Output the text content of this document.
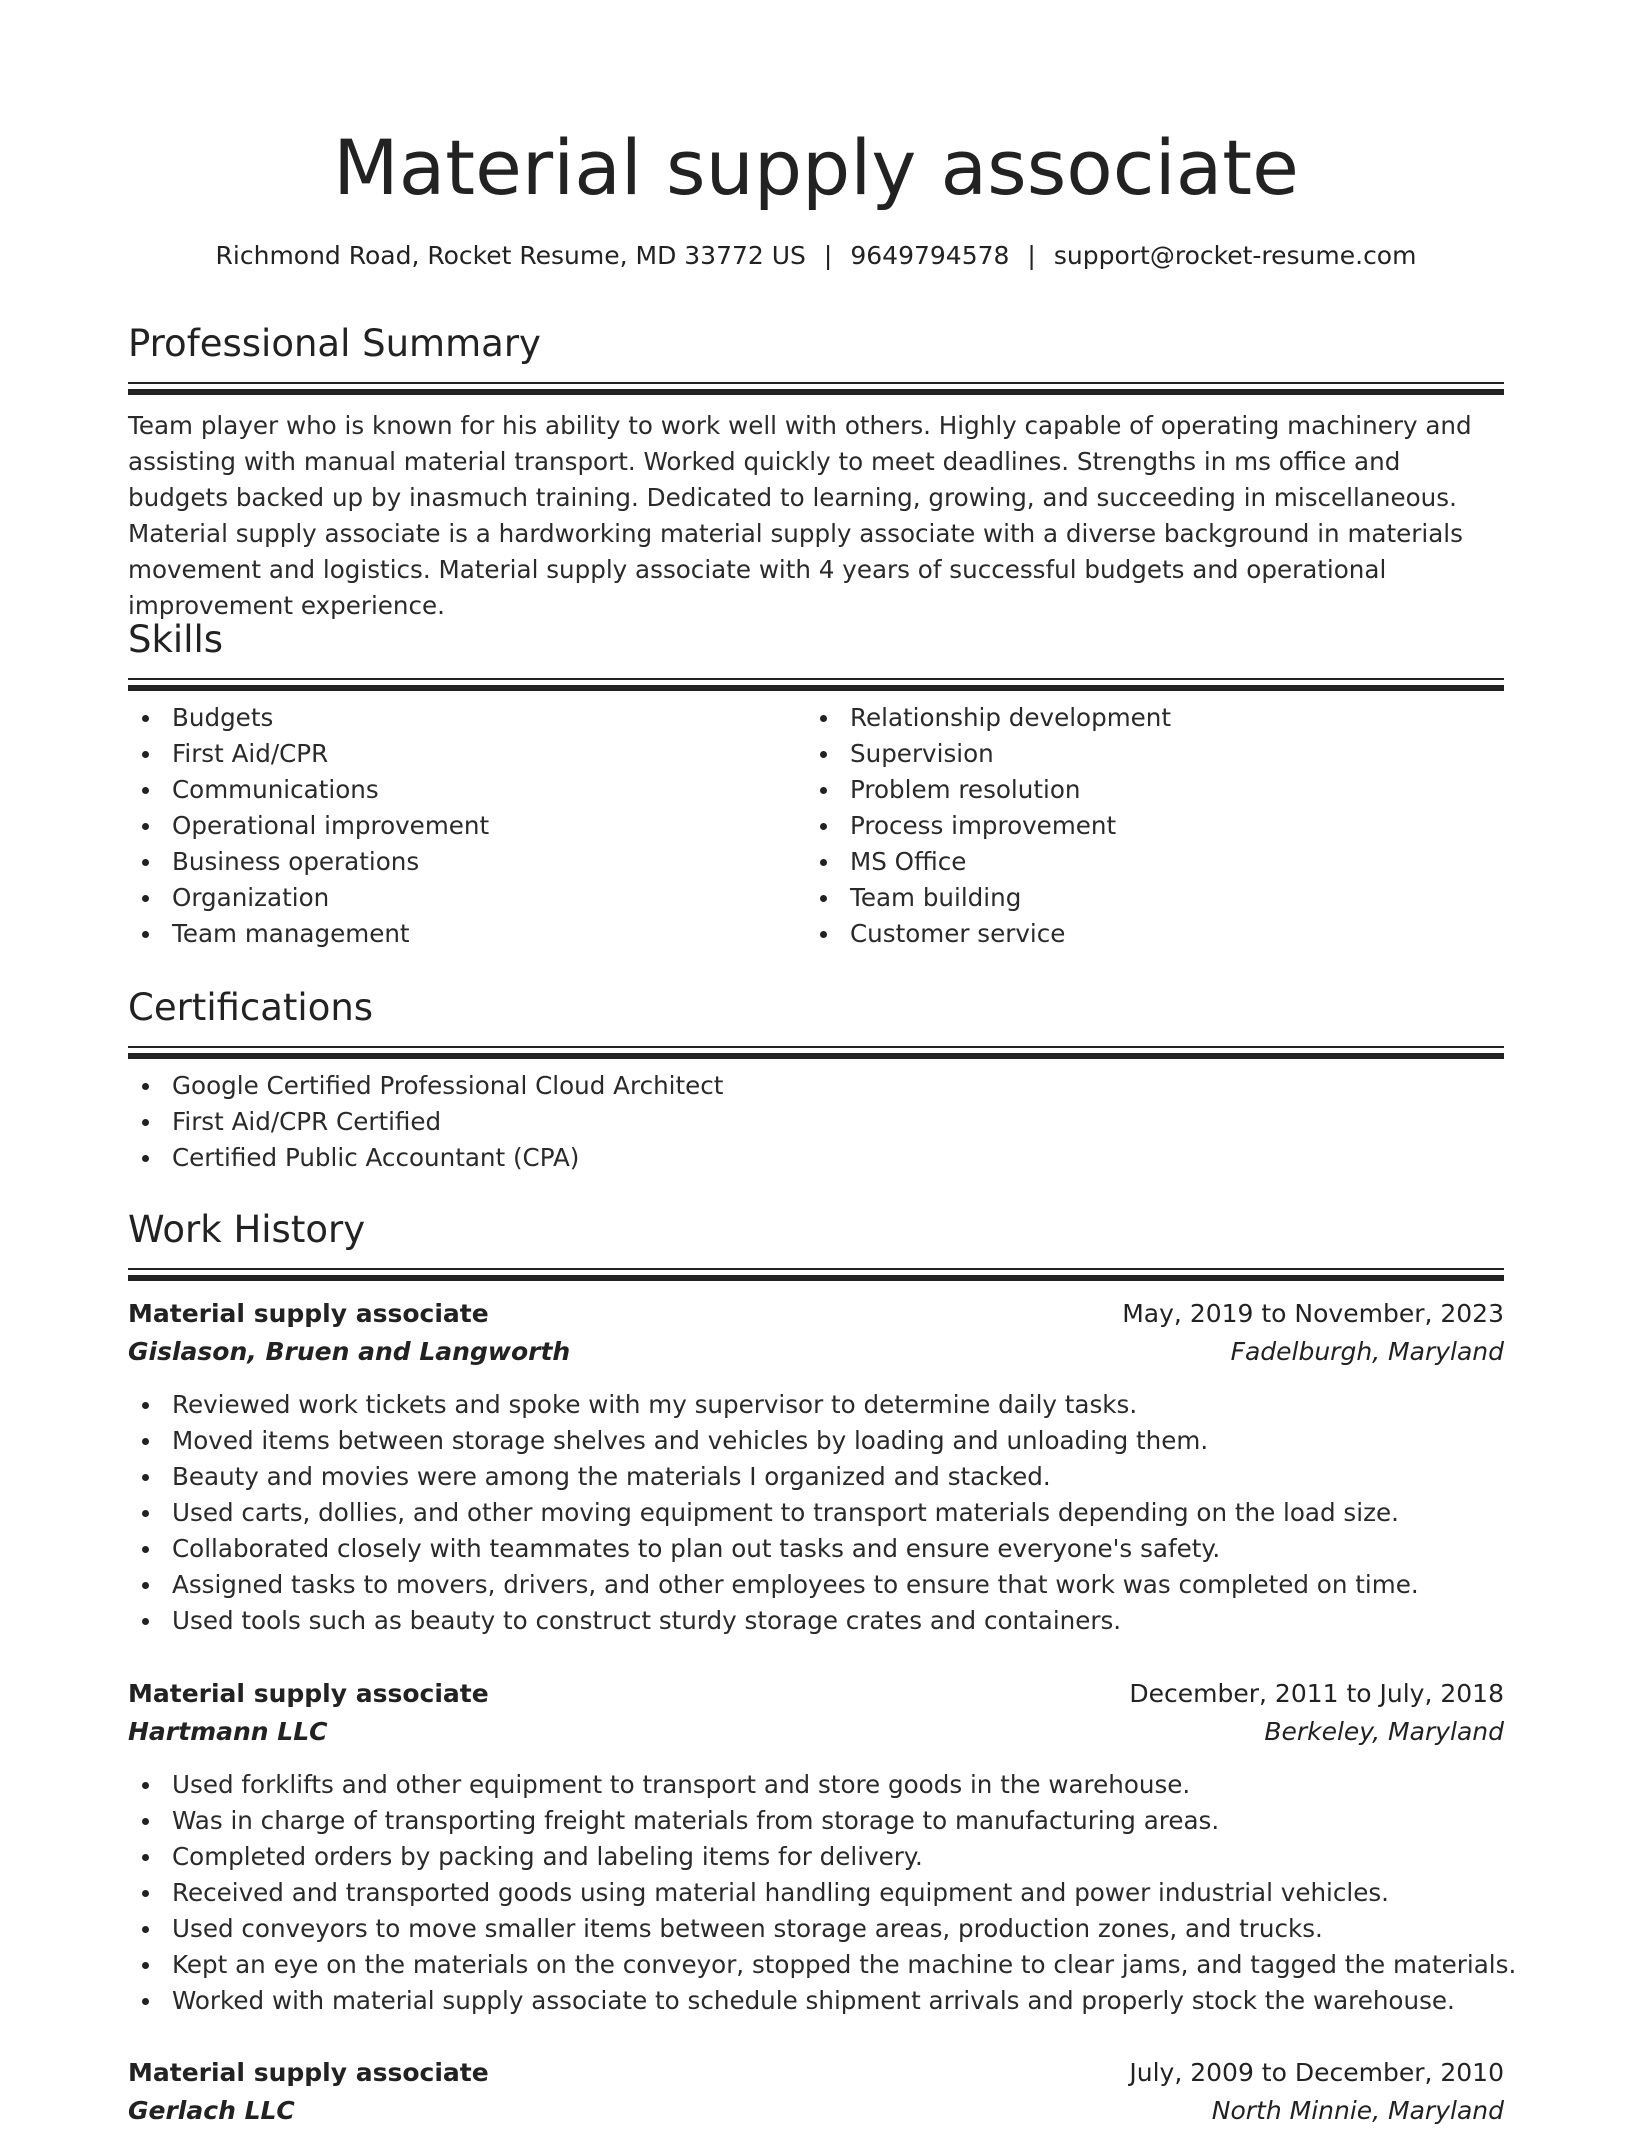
Material supply associate
Richmond Road, Rocket Resume, MD 33772 US | 9649794578 | support@rocket-resume.com
Professional Summary
Team player who is known for his ability to work well with others. Highly capable of operating machinery and assisting with manual material transport. Worked quickly to meet deadlines. Strengths in ms office and budgets backed up by inasmuch training. Dedicated to learning, growing, and succeeding in miscellaneous. Material supply associate is a hardworking material supply associate with a diverse background in materials movement and logistics. Material supply associate with 4 years of successful budgets and operational improvement experience.
Skills
Budgets
First Aid/CPR
Communications
Operational improvement
Business operations
Organization
Team management
Relationship development
Supervision
Problem resolution
Process improvement
MS Office
Team building
Customer service
Certifications
Google Certified Professional Cloud Architect
First Aid/CPR Certified
Certified Public Accountant (CPA)
Work History
Material supply associate	May, 2019 to November, 2023
Gislason, Bruen and Langworth	Fadelburgh, Maryland
Reviewed work tickets and spoke with my supervisor to determine daily tasks.
Moved items between storage shelves and vehicles by loading and unloading them.
Beauty and movies were among the materials I organized and stacked.
Used carts, dollies, and other moving equipment to transport materials depending on the load size.
Collaborated closely with teammates to plan out tasks and ensure everyone's safety.
Assigned tasks to movers, drivers, and other employees to ensure that work was completed on time.
Used tools such as beauty to construct sturdy storage crates and containers.
Material supply associate	December, 2011 to July, 2018
Hartmann LLC	Berkeley, Maryland
Used forklifts and other equipment to transport and store goods in the warehouse.
Was in charge of transporting freight materials from storage to manufacturing areas.
Completed orders by packing and labeling items for delivery.
Received and transported goods using material handling equipment and power industrial vehicles.
Used conveyors to move smaller items between storage areas, production zones, and trucks.
Kept an eye on the materials on the conveyor, stopped the machine to clear jams, and tagged the materials.
Worked with material supply associate to schedule shipment arrivals and properly stock the warehouse.
Material supply associate	July, 2009 to December, 2010
Gerlach LLC	North Minnie, Maryland
